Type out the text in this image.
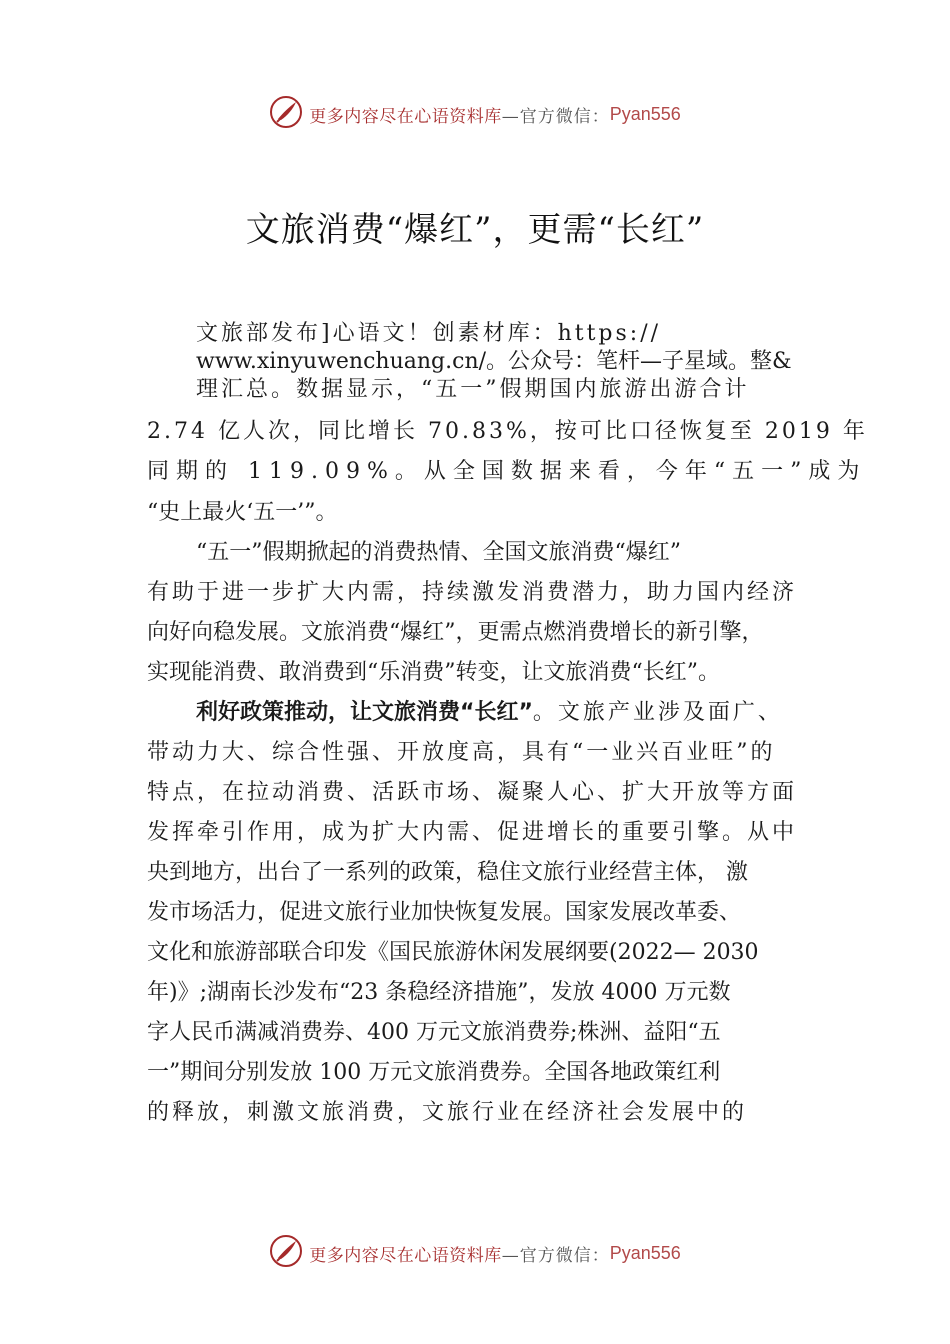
更多内容尽在心语资料库 —官方微信： Pyan556
文旅消费“爆红”，更需“长红”
文旅部发布]心语文！创素材库：https://
www.xinyuwenchuang.cn/。公众号：笔杆—子星域。整&
理汇总。数据显示，“五一”假期国内旅游出游合计
2.74 亿人次，同比增长 70.83%，按可比口径恢复至 2019 年
同期的 119.09%。从全国数据来看，今年“五一”成为
“史上最火‘五一’”。
“五一”假期掀起的消费热情、全国文旅消费“爆红”
有助于进一步扩大内需，持续激发消费潜力，助力国内经济
向好向稳发展。文旅消费“爆红”，更需点燃消费增长的新引擎，
实现能消费、敢消费到“乐消费”转变，让文旅消费“长红”。
利好政策推动，让文旅消费“长红”。文旅产业涉及面广、
带动力大、综合性强、开放度高，具有“一业兴百业旺”的
特点，在拉动消费、活跃市场、凝聚人心、扩大开放等方面
发挥牵引作用，成为扩大内需、促进增长的重要引擎。从中
央到地方，出台了一系列的政策，稳住文旅行业经营主体， 激
发市场活力，促进文旅行业加快恢复发展。国家发展改革委、
文化和旅游部联合印发《国民旅游休闲发展纲要(2022— 2030
年)》;湖南长沙发布“23 条稳经济措施”，发放 4000 万元数
字人民币满减消费券、400 万元文旅消费券;株洲、益阳“五
一”期间分别发放 100 万元文旅消费券。全国各地政策红利
的释放，刺激文旅消费，文旅行业在经济社会发展中的
更多内容尽在心语资料库 —官方微信： Pyan556
